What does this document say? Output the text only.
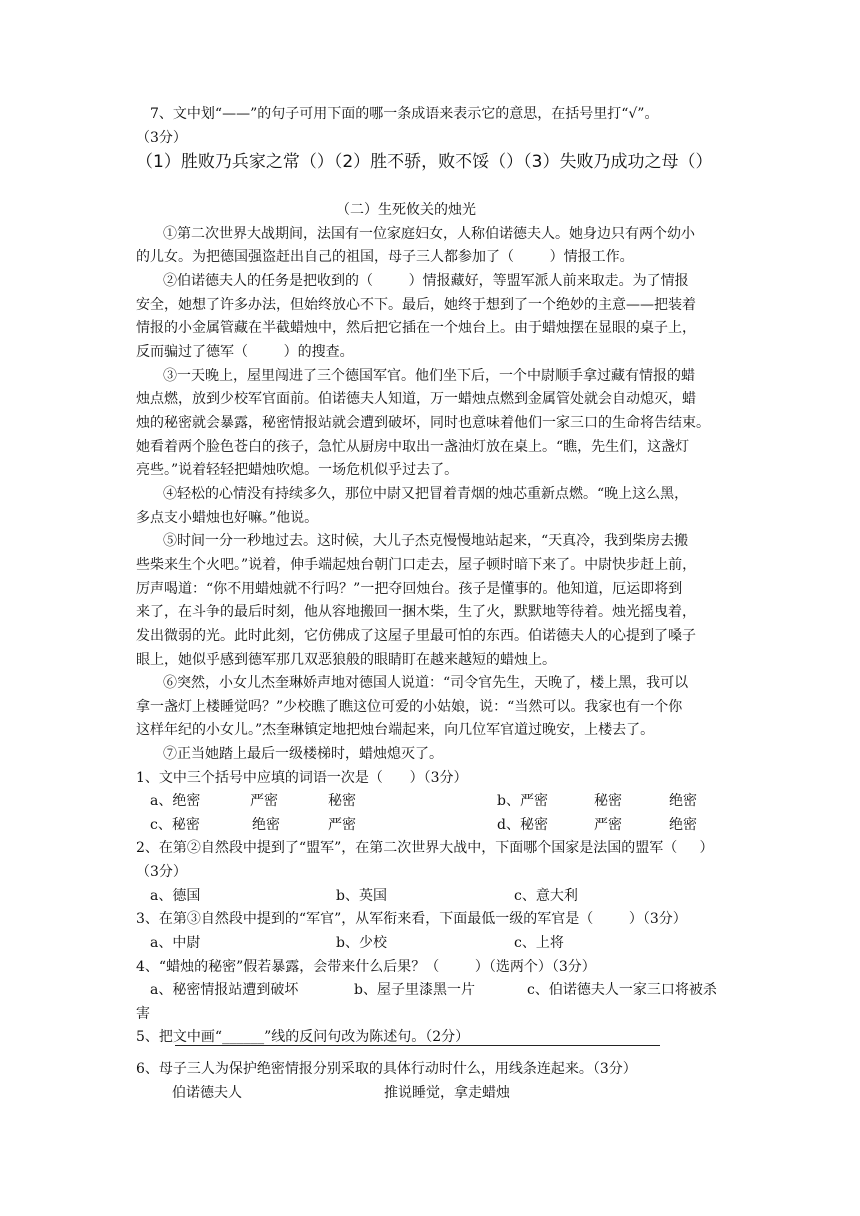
7、文中划“——”的句子可用下面的哪一条成语来表示它的意思，在括号里打“√”。
（3分）
（1）胜败乃兵家之常（）（2）胜不骄，败不馁（）（3）失败乃成功之母（）
（二）生死攸关的烛光
①第二次世界大战期间，法国有一位家庭妇女，人称伯诺德夫人。她身边只有两个幼小
的儿女。为把德国强盗赶出自己的祖国，母子三人都参加了（        ）情报工作。
②伯诺德夫人的任务是把收到的（        ）情报藏好，等盟军派人前来取走。为了情报
安全，她想了许多办法，但始终放心不下。最后，她终于想到了一个绝妙的主意——把装着
情报的小金属管藏在半截蜡烛中，然后把它插在一个烛台上。由于蜡烛摆在显眼的桌子上，
反而骗过了德军（        ）的搜查。
③一天晚上，屋里闯进了三个德国军官。他们坐下后，一个中尉顺手拿过藏有情报的蜡
烛点燃，放到少校军官面前。伯诺德夫人知道，万一蜡烛点燃到金属管处就会自动熄灭，蜡
烛的秘密就会暴露，秘密情报站就会遭到破坏，同时也意味着他们一家三口的生命将告结束。
她看着两个脸色苍白的孩子，急忙从厨房中取出一盏油灯放在桌上。“瞧，先生们，这盏灯
亮些。”说着轻轻把蜡烛吹熄。一场危机似乎过去了。
④轻松的心情没有持续多久，那位中尉又把冒着青烟的烛芯重新点燃。“晚上这么黑，
多点支小蜡烛也好嘛。”他说。
⑤时间一分一秒地过去。这时候，大儿子杰克慢慢地站起来，“天真冷，我到柴房去搬
些柴来生个火吧。”说着，伸手端起烛台朝门口走去，屋子顿时暗下来了。中尉快步赶上前，
厉声喝道：“你不用蜡烛就不行吗？”一把夺回烛台。孩子是懂事的。他知道，厄运即将到
来了，在斗争的最后时刻，他从容地搬回一捆木柴，生了火，默默地等待着。烛光摇曳着，
发出微弱的光。此时此刻，它仿佛成了这屋子里最可怕的东西。伯诺德夫人的心提到了嗓子
眼上，她似乎感到德军那几双恶狼般的眼睛盯在越来越短的蜡烛上。
⑥突然，小女儿杰奎琳娇声地对德国人说道：“司令官先生，天晚了，楼上黑，我可以
拿一盏灯上楼睡觉吗？”少校瞧了瞧这位可爱的小姑娘，说：“当然可以。我家也有一个你
这样年纪的小女儿。”杰奎琳镇定地把烛台端起来，向几位军官道过晚安，上楼去了。
⑦正当她踏上最后一级楼梯时，蜡烛熄灭了。
1、文中三个括号中应填的词语一次是（      ）（3分）
a、绝密	严密	秘密	b、严密	秘密	绝密
c、秘密	绝密	严密	d、秘密	严密	绝密
2、在第②自然段中提到了“盟军”，在第二次世界大战中，下面哪个国家是法国的盟军（     ）
（3分）
a、德国	b、英国	c、意大利
3、在第③自然段中提到的“军官”，从军衔来看，下面最低一级的军官是（        ）（3分）
a、中尉	b、少校	c、上将
4、“蜡烛的秘密”假若暴露，会带来什么后果？（        ）（选两个）（3分）
a、秘密情报站遭到破坏	b、屋子里漆黑一片	c、伯诺德夫人一家三口将被杀
害
5、把文中画“______”线的反问句改为陈述句。（2分）
6、母子三人为保护绝密情报分别采取的具体行动时什么，用线条连起来。（3分）
伯诺德夫人	推说睡觉，拿走蜡烛
